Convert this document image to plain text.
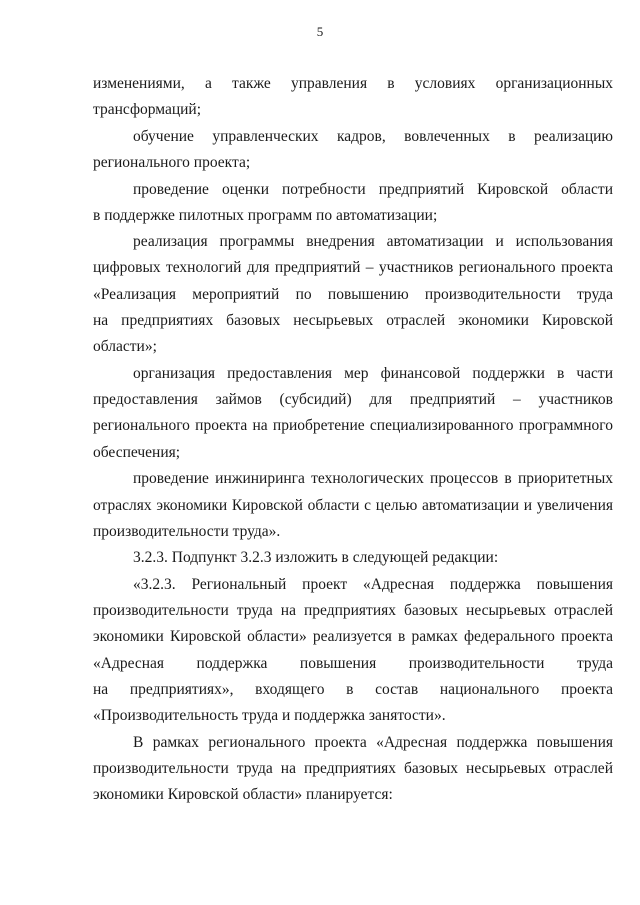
5
изменениями, а также управления в условиях организационных
трансформаций;
обучение управленческих кадров, вовлеченных в реализацию
регионального проекта;
проведение оценки потребности предприятий Кировской области
в поддержке пилотных программ по автоматизации;
реализация программы внедрения автоматизации и использования
цифровых технологий для предприятий – участников регионального проекта
«Реализация мероприятий по повышению производительности труда
на предприятиях базовых несырьевых отраслей экономики Кировской
области»;
организация предоставления мер финансовой поддержки в части
предоставления займов (субсидий) для предприятий – участников
регионального проекта на приобретение специализированного программного
обеспечения;
проведение инжиниринга технологических процессов в приоритетных
отраслях экономики Кировской области с целью автоматизации и увеличения
производительности труда».
3.2.3. Подпункт 3.2.3 изложить в следующей редакции:
«3.2.3. Региональный проект «Адресная поддержка повышения
производительности труда на предприятиях базовых несырьевых отраслей
экономики Кировской области» реализуется в рамках федерального проекта
«Адресная поддержка повышения производительности труда
на предприятиях», входящего в состав национального проекта
«Производительность труда и поддержка занятости».
В рамках регионального проекта «Адресная поддержка повышения
производительности труда на предприятиях базовых несырьевых отраслей
экономики Кировской области» планируется:
